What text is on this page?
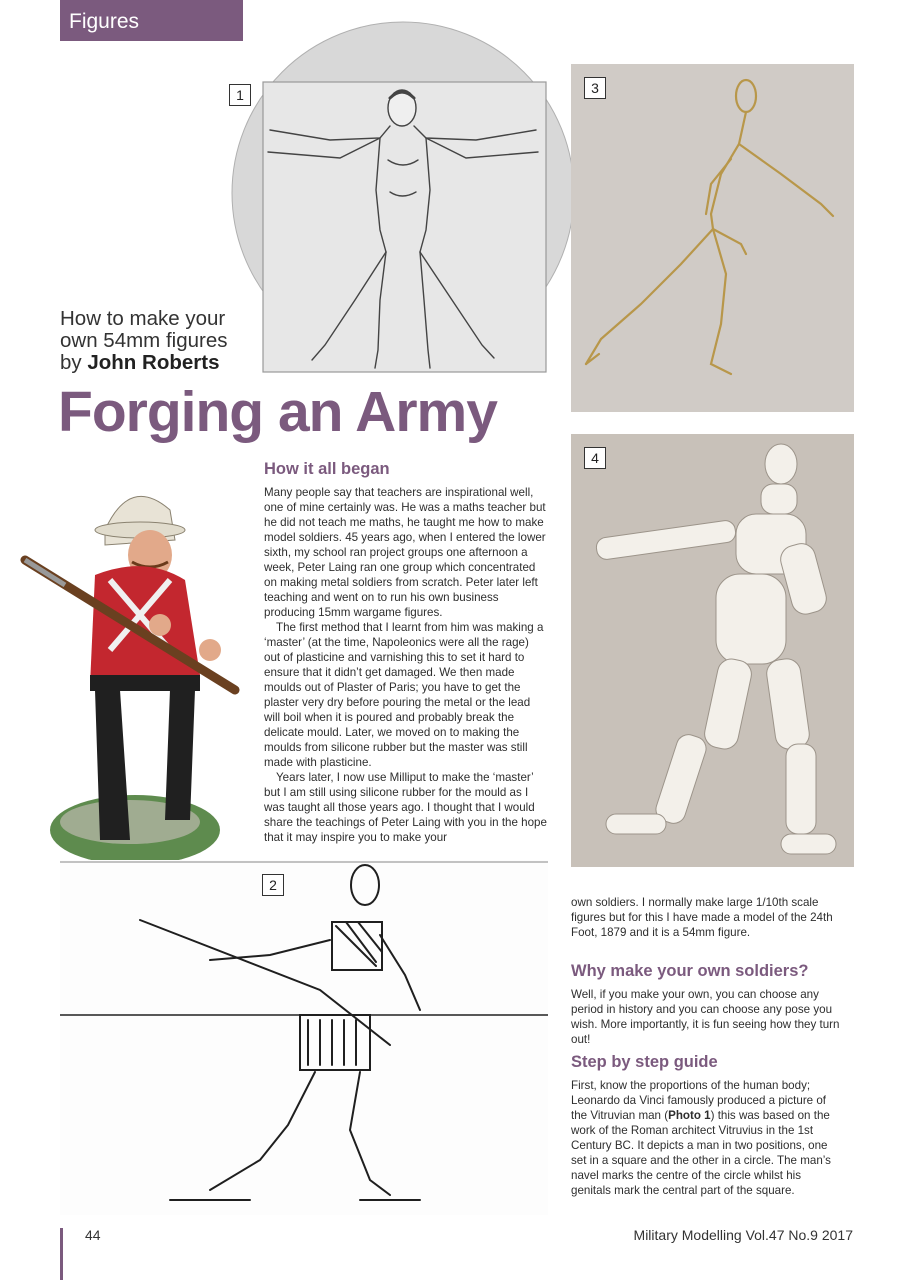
Figures
1
How to make your
own 54mm figures
by John Roberts
Forging an Army
3
4
2
How it all began

Many people say that teachers are inspirational well, one of mine certainly was. He was a maths teacher but he did not teach me maths, he taught me how to make model soldiers. 45 years ago, when I entered the lower sixth, my school ran project groups one afternoon a week, Peter Laing ran one group which concentrated on making metal soldiers from scratch. Peter later left teaching and went on to run his own business producing 15mm wargame figures.

The first method that I learnt from him was making a ‘master’ (at the time, Napoleonics were all the rage) out of plasticine and varnishing this to set it hard to ensure that it didn’t get damaged. We then made moulds out of Plaster of Paris; you have to get the plaster very dry before pouring the metal or the lead will boil when it is poured and probably break the delicate mould. Later, we moved on to making the moulds from silicone rubber but the master was still made with plasticine.

Years later, I now use Milliput to make the ‘master’ but I am still using silicone rubber for the mould as I was taught all those years ago. I thought that I would share the teachings of Peter Laing with you in the hope that it may inspire you to make your

own soldiers. I normally make large 1/10th scale figures but for this I have made a model of the 24th Foot, 1879 and it is a 54mm figure.
Why make your own soldiers?
Well, if you make your own, you can choose any period in history and you can choose any pose you wish. More importantly, it is fun seeing how they turn out!
Step by step guide
First, know the proportions of the human body; Leonardo da Vinci famously produced a picture of the Vitruvian man (Photo 1) this was based on the work of the Roman architect Vitruvius in the 1st Century BC. It depicts a man in two positions, one set in a square and the other in a circle. The man’s navel marks the centre of the circle whilst his genitals mark the central part of the square.
44	Military Modelling Vol.47 No.9 2017
